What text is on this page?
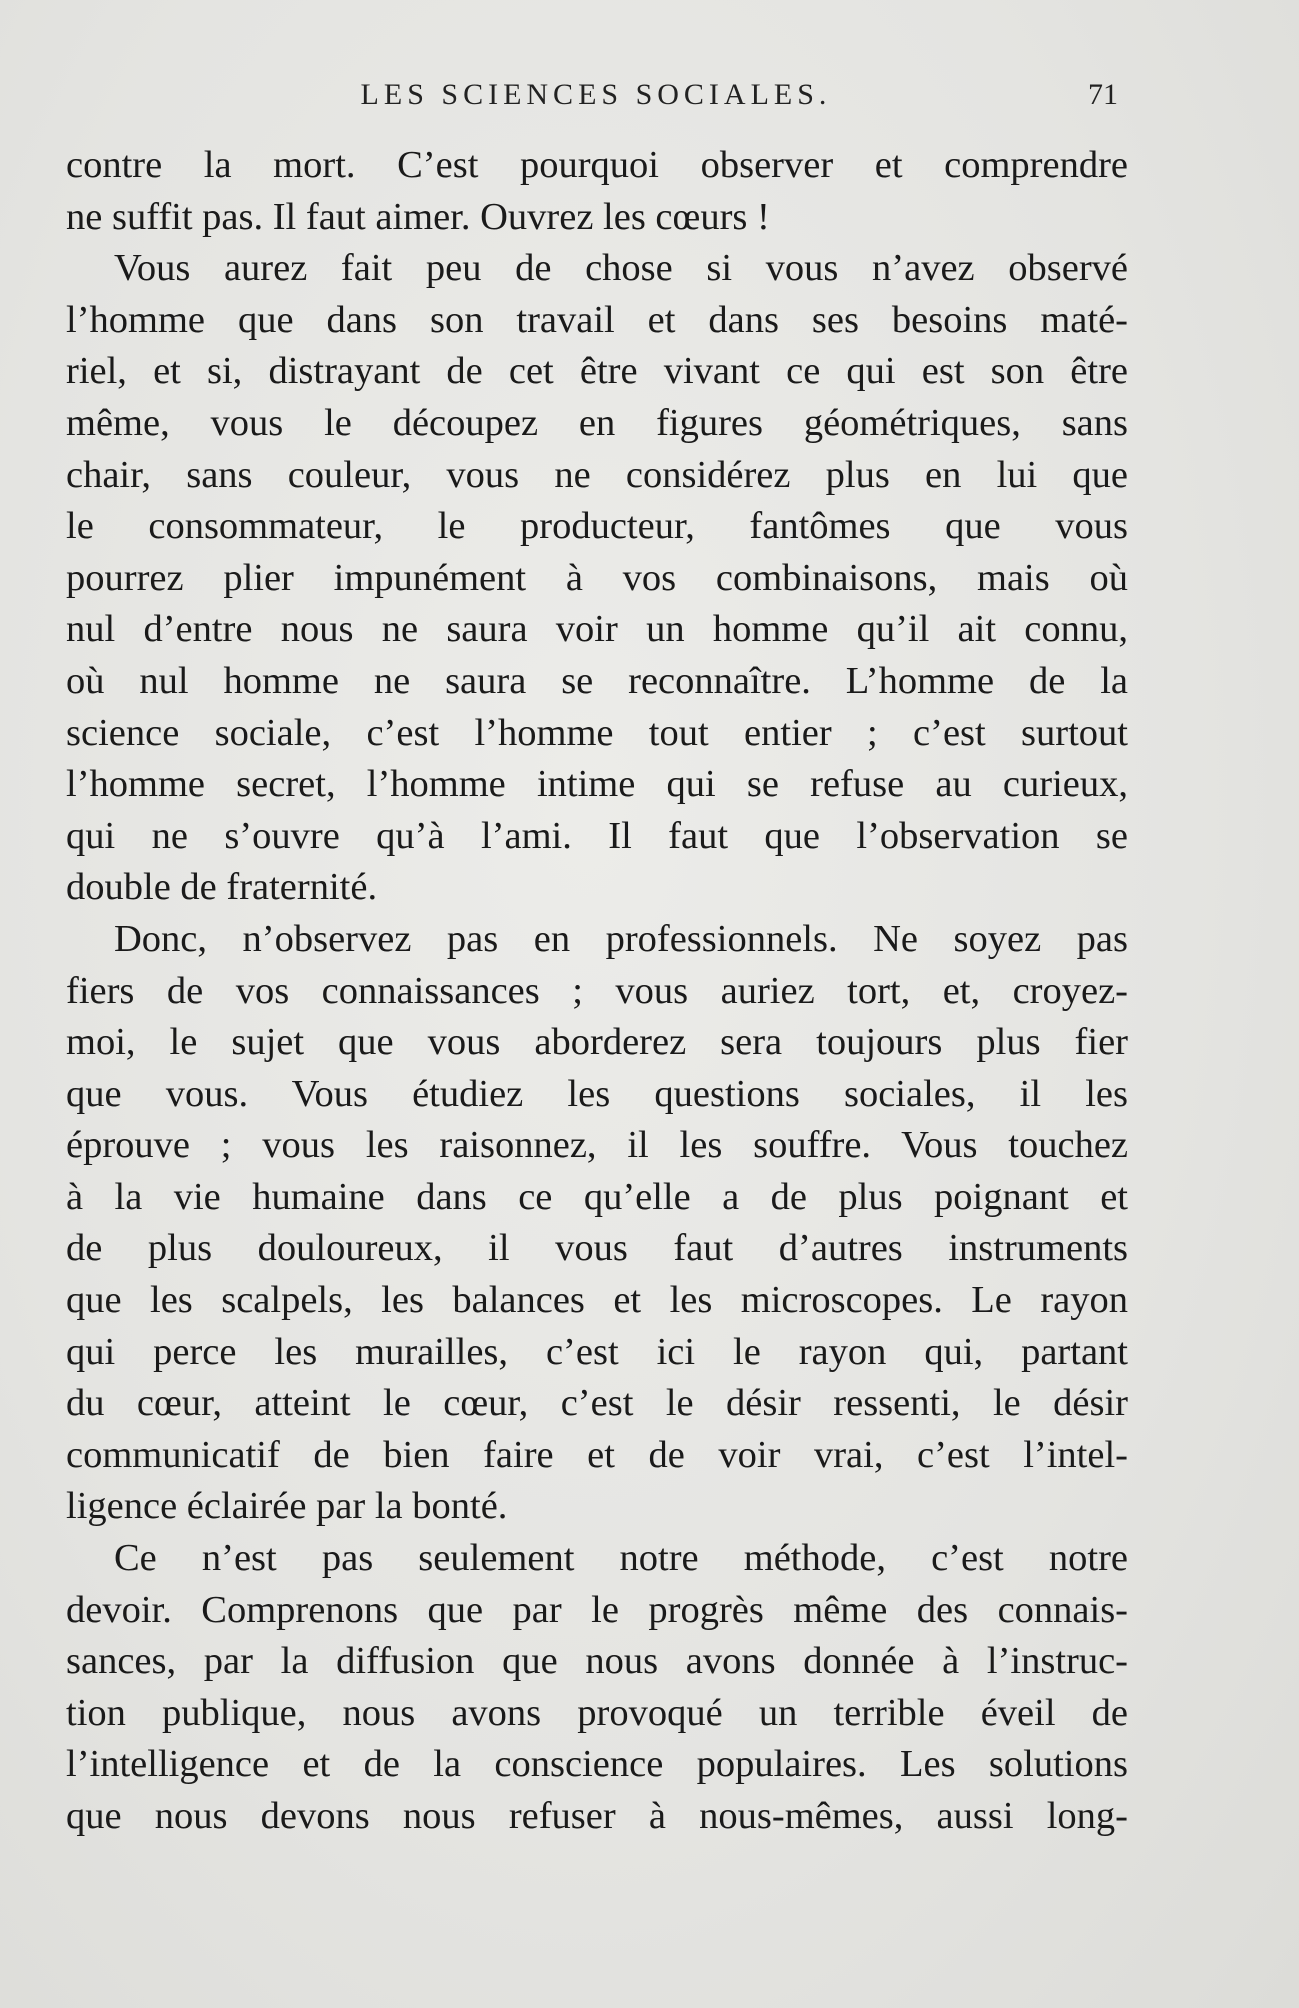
LES SCIENCES SOCIALES.	71
contre la mort. C’est pourquoi observer et comprendre
ne suffit pas. Il faut aimer. Ouvrez les cœurs !
Vous aurez fait peu de chose si vous n’avez observé
l’homme que dans son travail et dans ses besoins maté-
riel, et si, distrayant de cet être vivant ce qui est son être
même, vous le découpez en figures géométriques, sans
chair, sans couleur, vous ne considérez plus en lui que
le consommateur, le producteur, fantômes que vous
pourrez plier impunément à vos combinaisons, mais où
nul d’entre nous ne saura voir un homme qu’il ait connu,
où nul homme ne saura se reconnaître. L’homme de la
science sociale, c’est l’homme tout entier ; c’est surtout
l’homme secret, l’homme intime qui se refuse au curieux,
qui ne s’ouvre qu’à l’ami. Il faut que l’observation se
double de fraternité.
Donc, n’observez pas en professionnels. Ne soyez pas
fiers de vos connaissances ; vous auriez tort, et, croyez-
moi, le sujet que vous aborderez sera toujours plus fier
que vous. Vous étudiez les questions sociales, il les
éprouve ; vous les raisonnez, il les souffre. Vous touchez
à la vie humaine dans ce qu’elle a de plus poignant et
de plus douloureux, il vous faut d’autres instruments
que les scalpels, les balances et les microscopes. Le rayon
qui perce les murailles, c’est ici le rayon qui, partant
du cœur, atteint le cœur, c’est le désir ressenti, le désir
communicatif de bien faire et de voir vrai, c’est l’intel-
ligence éclairée par la bonté.
Ce n’est pas seulement notre méthode, c’est notre
devoir. Comprenons que par le progrès même des connais-
sances, par la diffusion que nous avons donnée à l’instruc-
tion publique, nous avons provoqué un terrible éveil de
l’intelligence et de la conscience populaires. Les solutions
que nous devons nous refuser à nous-mêmes, aussi long-
